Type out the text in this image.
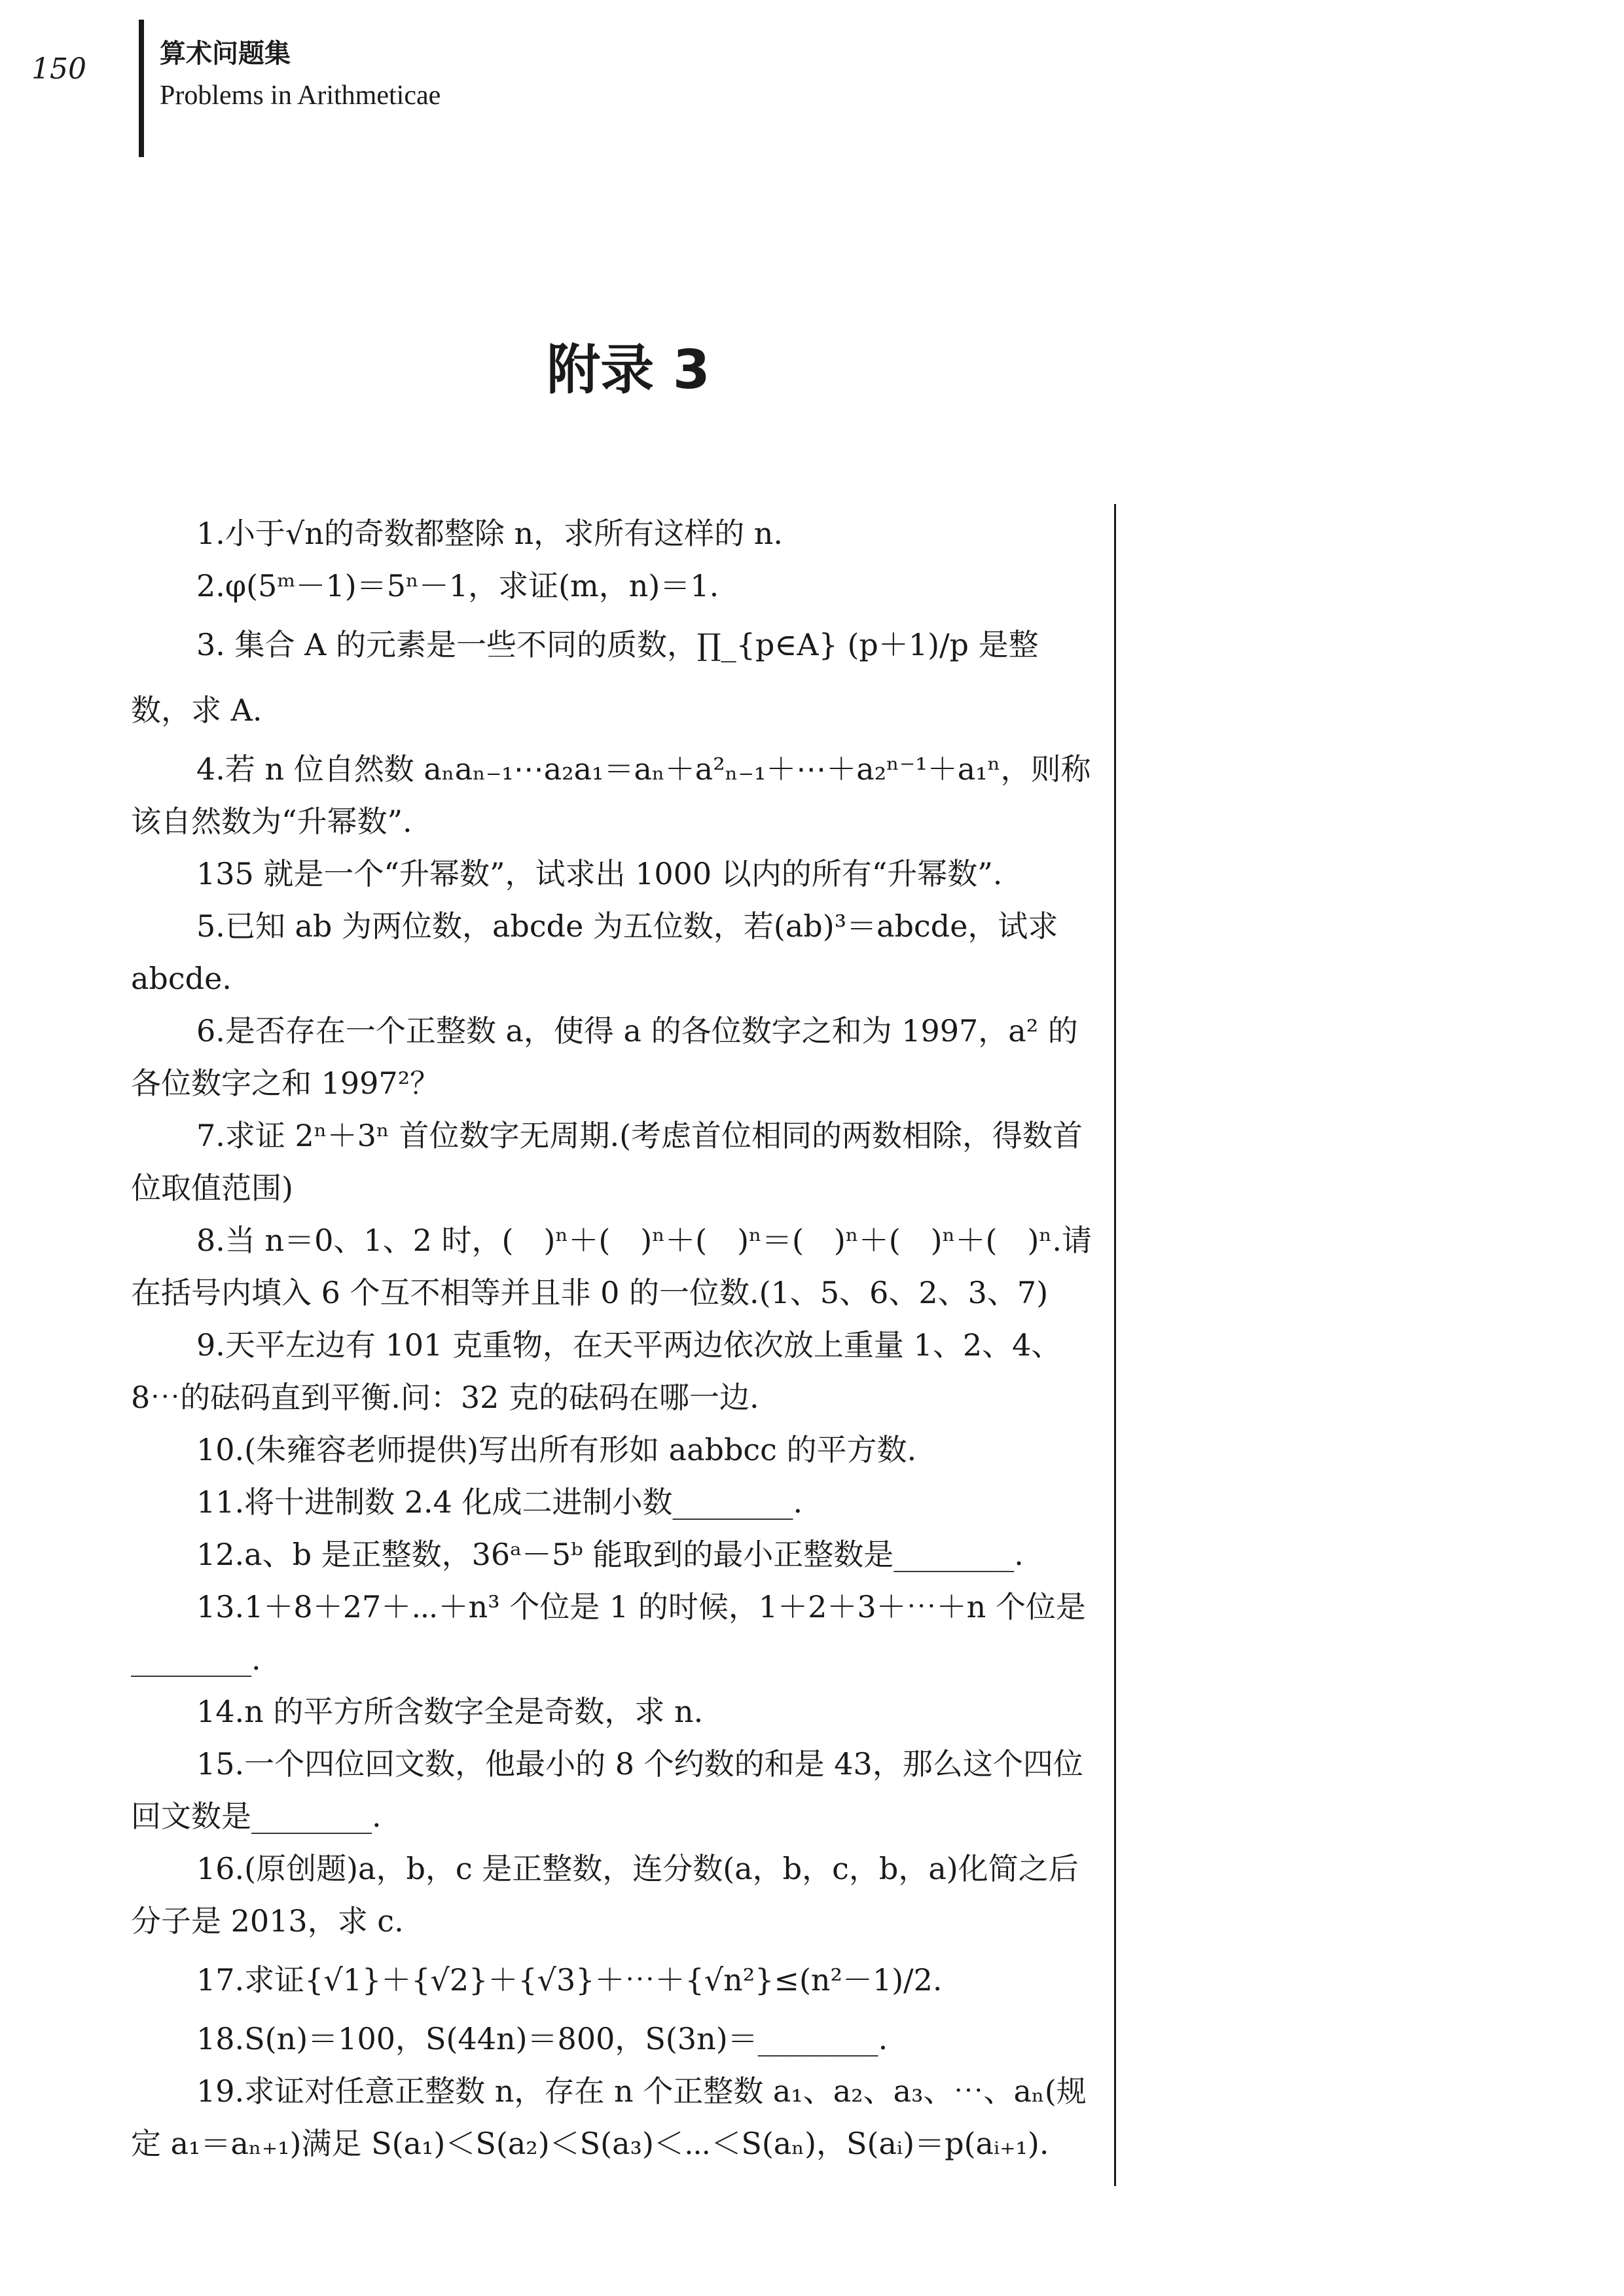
150	算术问题集
Problems in Arithmeticae
附录 3

1.小于√n的奇数都整除 n，求所有这样的 n.

2.φ(5ᵐ－1)＝5ⁿ－1，求证(m，n)＝1.

3. 集合 A 的元素是一些不同的质数，∏_{p∈A} (p＋1)/p 是整数，求 A.

4.若 n 位自然数 aₙaₙ₋₁⋯a₂a₁＝aₙ＋a²ₙ₋₁＋⋯＋a₂ⁿ⁻¹＋a₁ⁿ，则称该自然数为“升幂数”.

135 就是一个“升幂数”，试求出 1000 以内的所有“升幂数”.

5.已知 ab 为两位数，abcde 为五位数，若(ab)³＝abcde，试求 abcde.

6.是否存在一个正整数 a，使得 a 的各位数字之和为 1997，a² 的各位数字之和 1997²？

7.求证 2ⁿ＋3ⁿ 首位数字无周期.(考虑首位相同的两数相除，得数首位取值范围)

8.当 n＝0、1、2 时，(　)ⁿ＋(　)ⁿ＋(　)ⁿ＝(　)ⁿ＋(　)ⁿ＋(　)ⁿ.请在括号内填入 6 个互不相等并且非 0 的一位数.(1、5、6、2、3、7)

9.天平左边有 101 克重物，在天平两边依次放上重量 1、2、4、8⋯的砝码直到平衡.问：32 克的砝码在哪一边.

10.(朱雍容老师提供)写出所有形如 aabbcc 的平方数.

11.将十进制数 2.4 化成二进制小数________.

12.a、b 是正整数，36ᵃ－5ᵇ 能取到的最小正整数是________.

13.1＋8＋27＋⋯＋n³ 个位是 1 的时候，1＋2＋3＋⋯＋n 个位是________.

14.n 的平方所含数字全是奇数，求 n.

15.一个四位回文数，他最小的 8 个约数的和是 43，那么这个四位回文数是________.

16.(原创题)a，b，c 是正整数，连分数(a，b，c，b，a)化简之后分子是 2013，求 c.

17.求证{√1}＋{√2}＋{√3}＋⋯＋{√n²}≤(n²－1)/2.

18.S(n)＝100，S(44n)＝800，S(3n)＝________.

19.求证对任意正整数 n，存在 n 个正整数 a₁、a₂、a₃、⋯、aₙ(规定 a₁＝aₙ₊₁)满足 S(a₁)＜S(a₂)＜S(a₃)＜⋯＜S(aₙ)，S(aᵢ)＝p(aᵢ₊₁).
